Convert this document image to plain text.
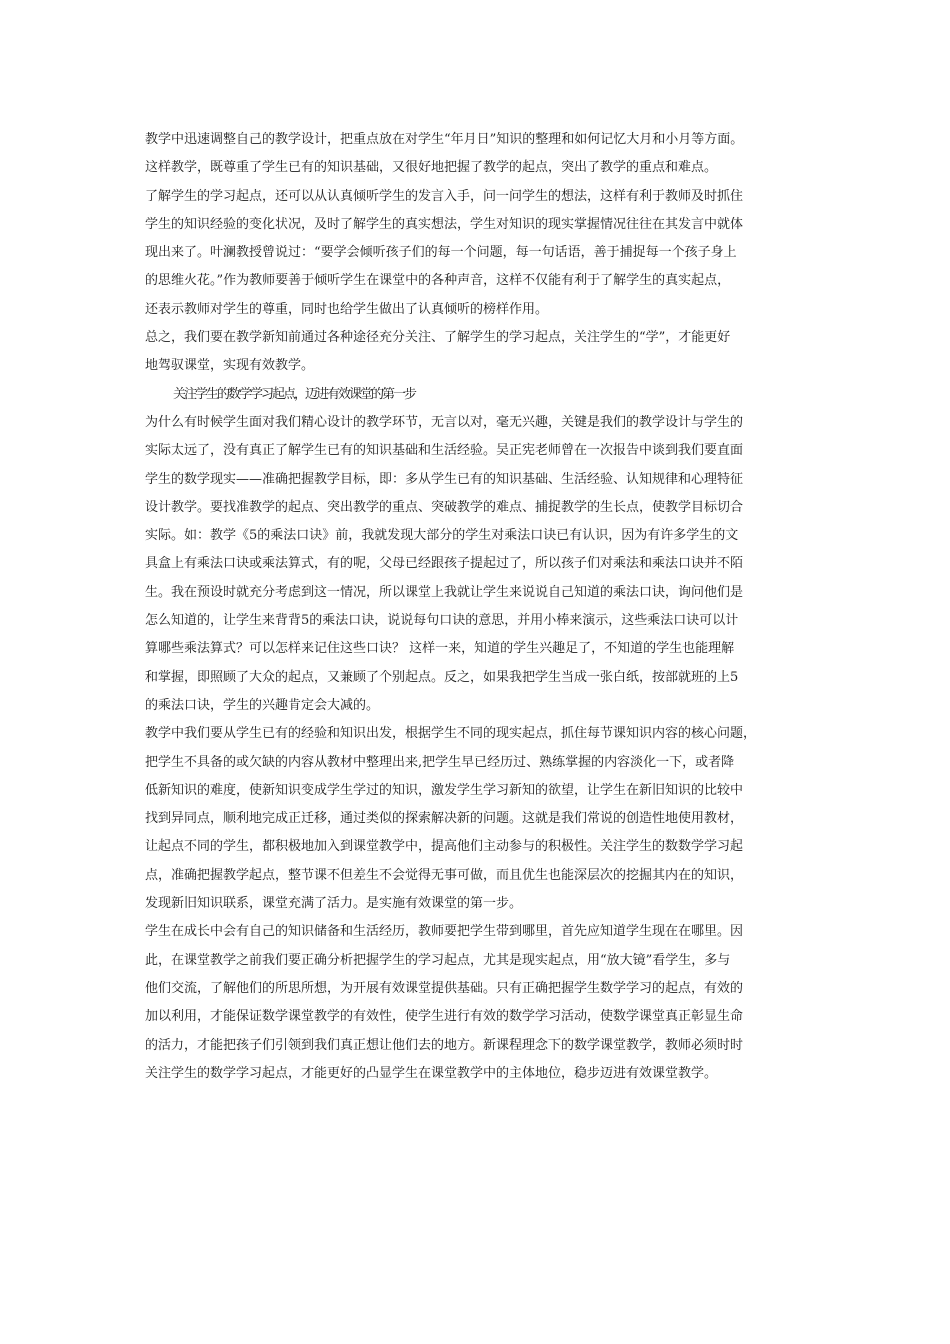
教学中迅速调整自己的教学设计，把重点放在对学生“年月日”知识的整理和如何记忆大月和小月等方面。
这样教学，既尊重了学生已有的知识基础，又很好地把握了教学的起点，突出了教学的重点和难点。
了解学生的学习起点，还可以从认真倾听学生的发言入手，问一问学生的想法，这样有利于教师及时抓住
学生的知识经验的变化状况，及时了解学生的真实想法，学生对知识的现实掌握情况往往在其发言中就体
现出来了。叶澜教授曾说过：“要学会倾听孩子们的每一个问题，每一句话语，善于捕捉每一个孩子身上
的思维火花。”作为教师要善于倾听学生在课堂中的各种声音，这样不仅能有利于了解学生的真实起点，
还表示教师对学生的尊重，同时也给学生做出了认真倾听的榜样作用。
总之，我们要在教学新知前通过各种途径充分关注、了解学生的学习起点，关注学生的“学”，才能更好
地驾驭课堂，实现有效教学。
关注学生的数学学习起点，迈进有效课堂的第一步
为什么有时候学生面对我们精心设计的教学环节，无言以对，毫无兴趣，关键是我们的教学设计与学生的
实际太远了，没有真正了解学生已有的知识基础和生活经验。吴正宪老师曾在一次报告中谈到我们要直面
学生的数学现实——准确把握教学目标，即：多从学生已有的知识基础、生活经验、认知规律和心理特征
设计教学。要找准教学的起点、突出教学的重点、突破教学的难点、捕捉教学的生长点，使教学目标切合
实际。如：教学《5的乘法口诀》前，我就发现大部分的学生对乘法口诀已有认识，因为有许多学生的文
具盒上有乘法口诀或乘法算式，有的呢，父母已经跟孩子提起过了，所以孩子们对乘法和乘法口诀并不陌
生。我在预设时就充分考虑到这一情况，所以课堂上我就让学生来说说自己知道的乘法口诀，询问他们是
怎么知道的，让学生来背背5的乘法口诀，说说每句口诀的意思，并用小棒来演示，这些乘法口诀可以计
算哪些乘法算式？可以怎样来记住这些口诀？ 这样一来，知道的学生兴趣足了，不知道的学生也能理解
和掌握，即照顾了大众的起点，又兼顾了个别起点。反之，如果我把学生当成一张白纸，按部就班的上5
的乘法口诀，学生的兴趣肯定会大减的。
教学中我们要从学生已有的经验和知识出发，根据学生不同的现实起点，抓住每节课知识内容的核心问题，
把学生不具备的或欠缺的内容从教材中整理出来,把学生早已经历过、熟练掌握的内容淡化一下，或者降
低新知识的难度，使新知识变成学生学过的知识，激发学生学习新知的欲望，让学生在新旧知识的比较中
找到异同点，顺利地完成正迁移，通过类似的探索解决新的问题。这就是我们常说的创造性地使用教材，
让起点不同的学生，都积极地加入到课堂教学中，提高他们主动参与的积极性。关注学生的数数学学习起
点，准确把握教学起点，整节课不但差生不会觉得无事可做，而且优生也能深层次的挖掘其内在的知识，
发现新旧知识联系，课堂充满了活力。是实施有效课堂的第一步。
学生在成长中会有自己的知识储备和生活经历，教师要把学生带到哪里，首先应知道学生现在在哪里。因
此，在课堂教学之前我们要正确分析把握学生的学习起点，尤其是现实起点，用“放大镜”看学生，多与
他们交流，了解他们的所思所想，为开展有效课堂提供基础。只有正确把握学生数学学习的起点，有效的
加以利用，才能保证数学课堂教学的有效性，使学生进行有效的数学学习活动，使数学课堂真正彰显生命
的活力，才能把孩子们引领到我们真正想让他们去的地方。新课程理念下的数学课堂教学，教师必须时时
关注学生的数学学习起点，才能更好的凸显学生在课堂教学中的主体地位，稳步迈进有效课堂教学。
